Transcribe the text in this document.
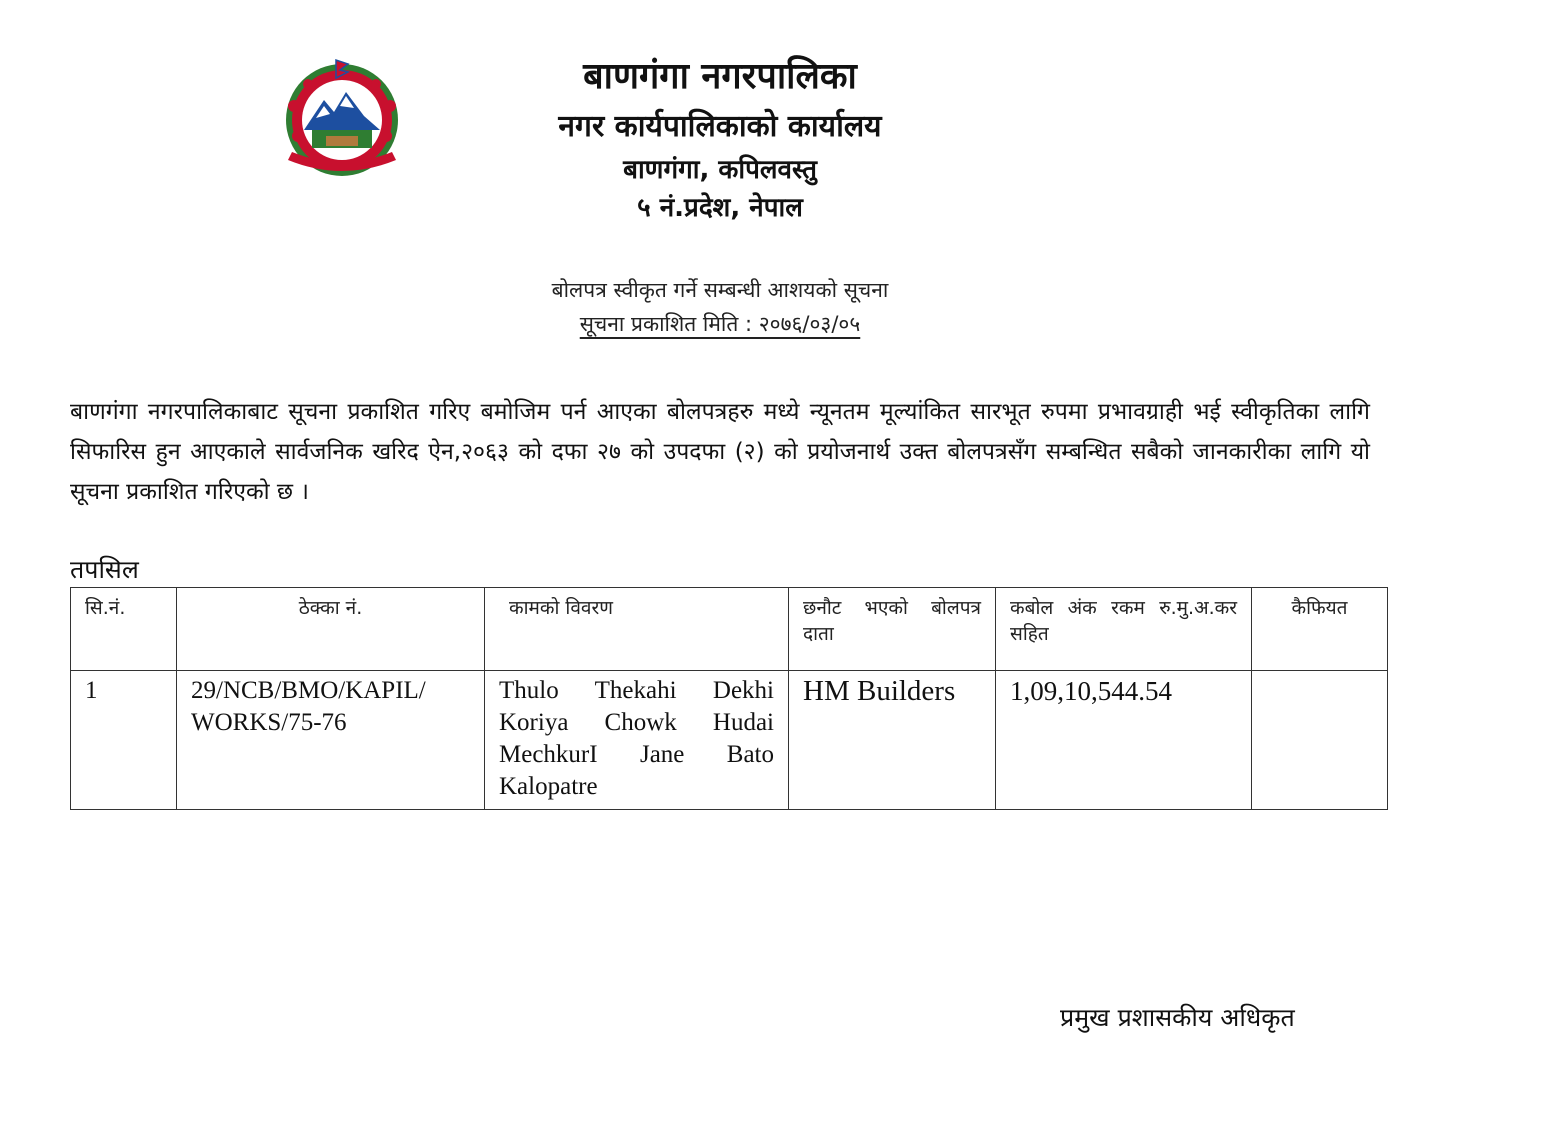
बाणगंगा नगरपालिका
नगर कार्यपालिकाको कार्यालय
बाणगंगा, कपिलवस्तु
५ नं.प्रदेश, नेपाल
बोलपत्र स्वीकृत गर्ने सम्बन्धी आशयको सूचना
सूचना प्रकाशित मिति : २०७६/०३/०५
बाणगंगा नगरपालिकाबाट सूचना प्रकाशित गरिए बमोजिम पर्न आएका बोलपत्रहरु मध्ये न्यूनतम मूल्यांकित सारभूत रुपमा प्रभावग्राही भई स्वीकृतिका लागि सिफारिस हुन आएकाले सार्वजनिक खरिद ऐन,२०६३ को दफा २७ को उपदफा (२) को प्रयोजनार्थ उक्त बोलपत्रसँग सम्बन्धित सबैको जानकारीका लागि यो सूचना प्रकाशित गरिएको छ ।
तपसिल
सि.नं.	ठेक्का नं.	कामको विवरण	छनौट भएको बोलपत्र दाता	कबोल अंक रकम रु.मु.अ.कर सहित	कैफियत
1	29/NCB/BMO/KAPIL/ WORKS/75-76	Thulo Thekahi Dekhi Koriya Chowk Hudai MechkurI Jane Bato Kalopatre	HM Builders	1,09,10,544.54	
प्रमुख प्रशासकीय अधिकृत
